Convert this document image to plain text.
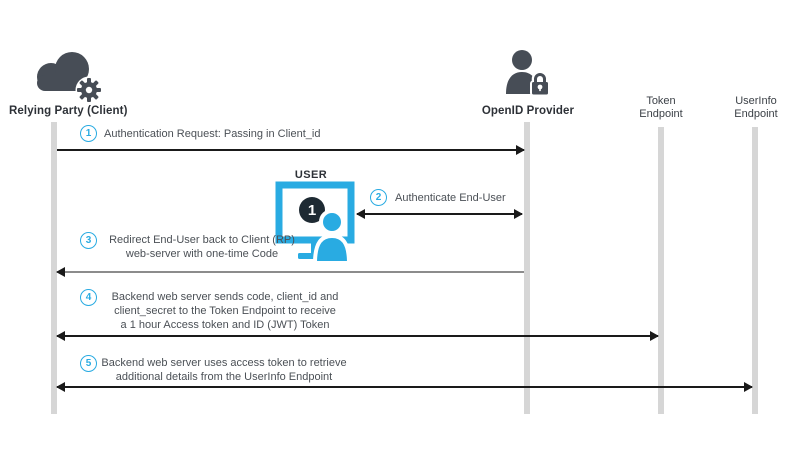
Relying Party (Client)	OpenID Provider
Token
Endpoint
UserInfo
Endpoint
1	Authentication Request: Passing in Client_id
USER
1
2	Authenticate End-User
3	Redirect End-User back to Client (RP)
web-server with one-time Code
4	Backend web server sends code, client_id and
client_secret to the Token Endpoint to receive
a 1 hour Access token and ID (JWT) Token
5 Backend web server uses access token to retrieve
additional details from the UserInfo Endpoint
